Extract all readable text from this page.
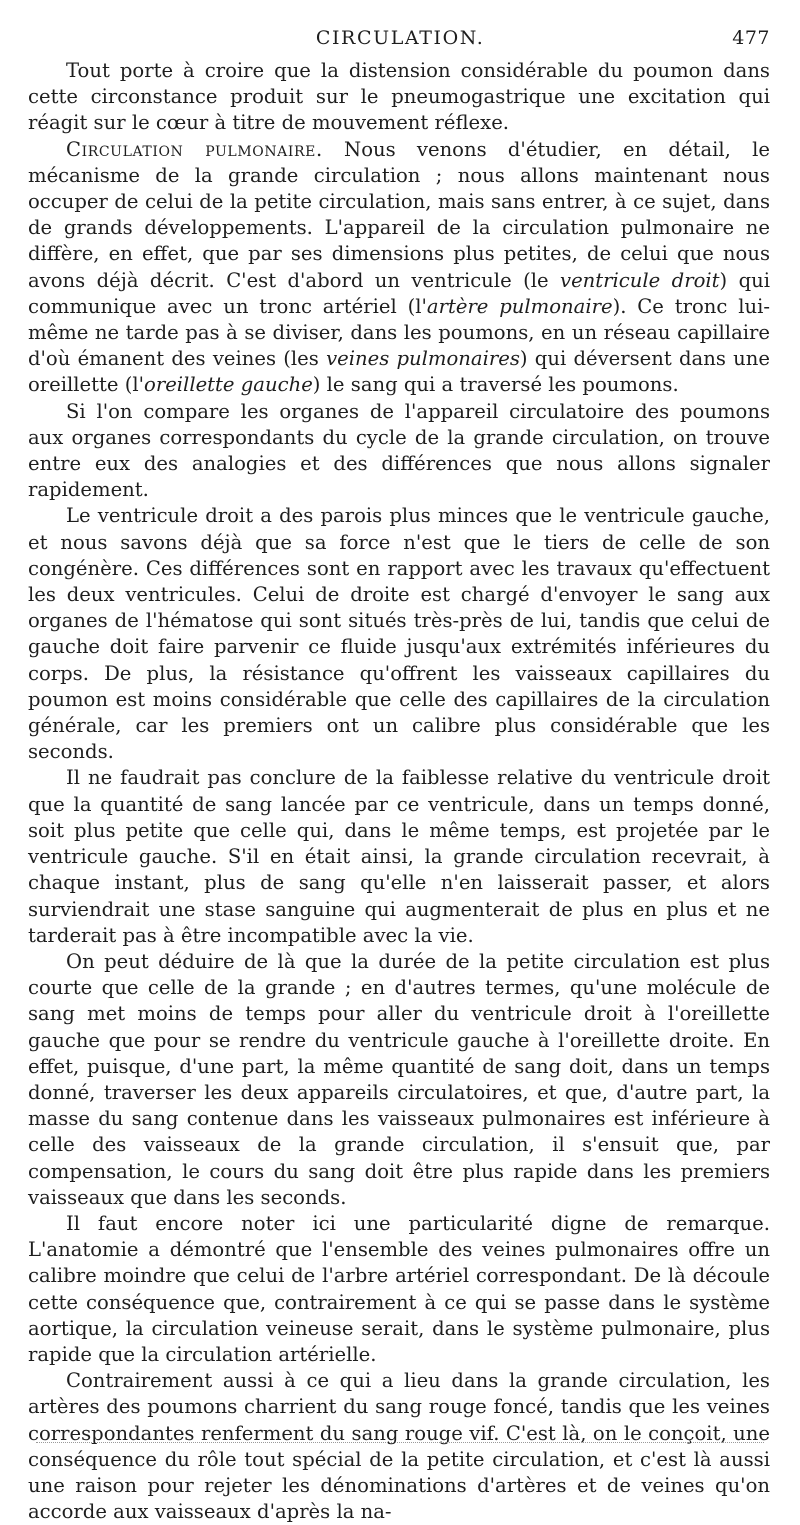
CIRCULATION.	477

Tout porte à croire que la distension considérable du poumon dans cette circonstance produit sur le pneumogastrique une excitation qui réagit sur le cœur à titre de mouvement réflexe.

Circulation pulmonaire. Nous venons d'étudier, en détail, le mécanisme de la grande circulation ; nous allons maintenant nous occuper de celui de la petite circulation, mais sans entrer, à ce sujet, dans de grands développements. L'appareil de la circulation pulmonaire ne diffère, en effet, que par ses dimensions plus petites, de celui que nous avons déjà décrit. C'est d'abord un ventricule (le ventricule droit) qui communique avec un tronc artériel (l'artère pulmonaire). Ce tronc lui-même ne tarde pas à se diviser, dans les poumons, en un réseau capillaire d'où émanent des veines (les veines pulmonaires) qui déversent dans une oreillette (l'oreillette gauche) le sang qui a traversé les poumons.

Si l'on compare les organes de l'appareil circulatoire des poumons aux organes correspondants du cycle de la grande circulation, on trouve entre eux des analogies et des différences que nous allons signaler rapidement.

Le ventricule droit a des parois plus minces que le ventricule gauche, et nous savons déjà que sa force n'est que le tiers de celle de son congénère. Ces différences sont en rapport avec les travaux qu'effectuent les deux ventricules. Celui de droite est chargé d'envoyer le sang aux organes de l'hématose qui sont situés très-près de lui, tandis que celui de gauche doit faire parvenir ce fluide jusqu'aux extrémités inférieures du corps. De plus, la résistance qu'offrent les vaisseaux capillaires du poumon est moins considérable que celle des capillaires de la circulation générale, car les premiers ont un calibre plus considérable que les seconds.

Il ne faudrait pas conclure de la faiblesse relative du ventricule droit que la quantité de sang lancée par ce ventricule, dans un temps donné, soit plus petite que celle qui, dans le même temps, est projetée par le ventricule gauche. S'il en était ainsi, la grande circulation recevrait, à chaque instant, plus de sang qu'elle n'en laisserait passer, et alors surviendrait une stase sanguine qui augmenterait de plus en plus et ne tarderait pas à être incompatible avec la vie.

On peut déduire de là que la durée de la petite circulation est plus courte que celle de la grande ; en d'autres termes, qu'une molécule de sang met moins de temps pour aller du ventricule droit à l'oreillette gauche que pour se rendre du ventricule gauche à l'oreillette droite. En effet, puisque, d'une part, la même quantité de sang doit, dans un temps donné, traverser les deux appareils circulatoires, et que, d'autre part, la masse du sang contenue dans les vaisseaux pulmonaires est inférieure à celle des vaisseaux de la grande circulation, il s'ensuit que, par compensation, le cours du sang doit être plus rapide dans les premiers vaisseaux que dans les seconds.

Il faut encore noter ici une particularité digne de remarque. L'anatomie a démontré que l'ensemble des veines pulmonaires offre un calibre moindre que celui de l'arbre artériel correspondant. De là découle cette conséquence que, contrairement à ce qui se passe dans le système aortique, la circulation veineuse serait, dans le système pulmonaire, plus rapide que la circulation artérielle.

Contrairement aussi à ce qui a lieu dans la grande circulation, les artères des poumons charrient du sang rouge foncé, tandis que les veines correspondantes renferment du sang rouge vif. C'est là, on le conçoit, une conséquence du rôle tout spécial de la petite circulation, et c'est là aussi une raison pour rejeter les dénominations d'artères et de veines qu'on accorde aux vaisseaux d'après la na-
